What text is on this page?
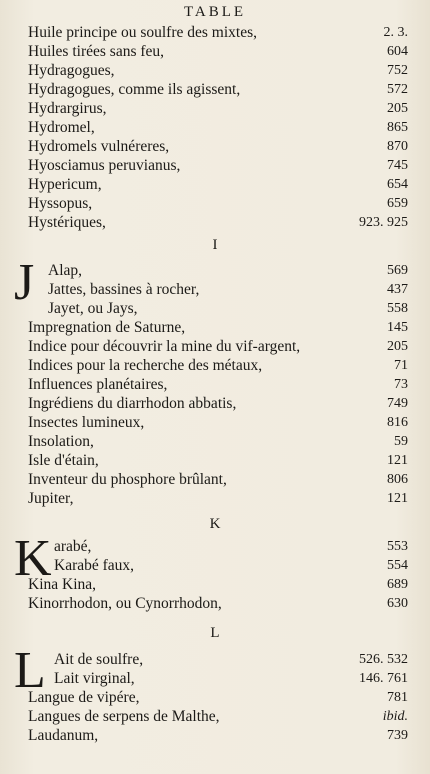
TABLE
Huile principe ou soulfre des mixtes,	2. 3.
Huiles tirées sans feu,	604
Hydragogues,	752
Hydragogues, comme ils agissent,	572
Hydrargirus,	205
Hydromel,	865
Hydromels vulnéreres,	870
Hyosciamus peruvianus,	745
Hypericum,	654
Hyssopus,	659
Hystériques,	923. 925
I
J Alap,	569
Jattes, bassines à rocher,	437
Jayet, ou Jays,	558
Impregnation de Saturne,	145
Indice pour découvrir la mine du vif-argent,	205
Indices pour la recherche des métaux,	71
Influences planétaires,	73
Ingrédiens du diarrhodon abbatis,	749
Insectes lumineux,	816
Insolation,	59
Isle d'étain,	121
Inventeur du phosphore brûlant,	806
Jupiter,	121
K
K arabé,	553
Karabé faux,	554
Kina Kina,	689
Kinorrhodon, ou Cynorrhodon,	630
L
L Ait de soulfre,	526. 532
Lait virginal,	146. 761
Langue de vipére,	781
Langues de serpens de Malthe,	ibid.
Laudanum,	739
